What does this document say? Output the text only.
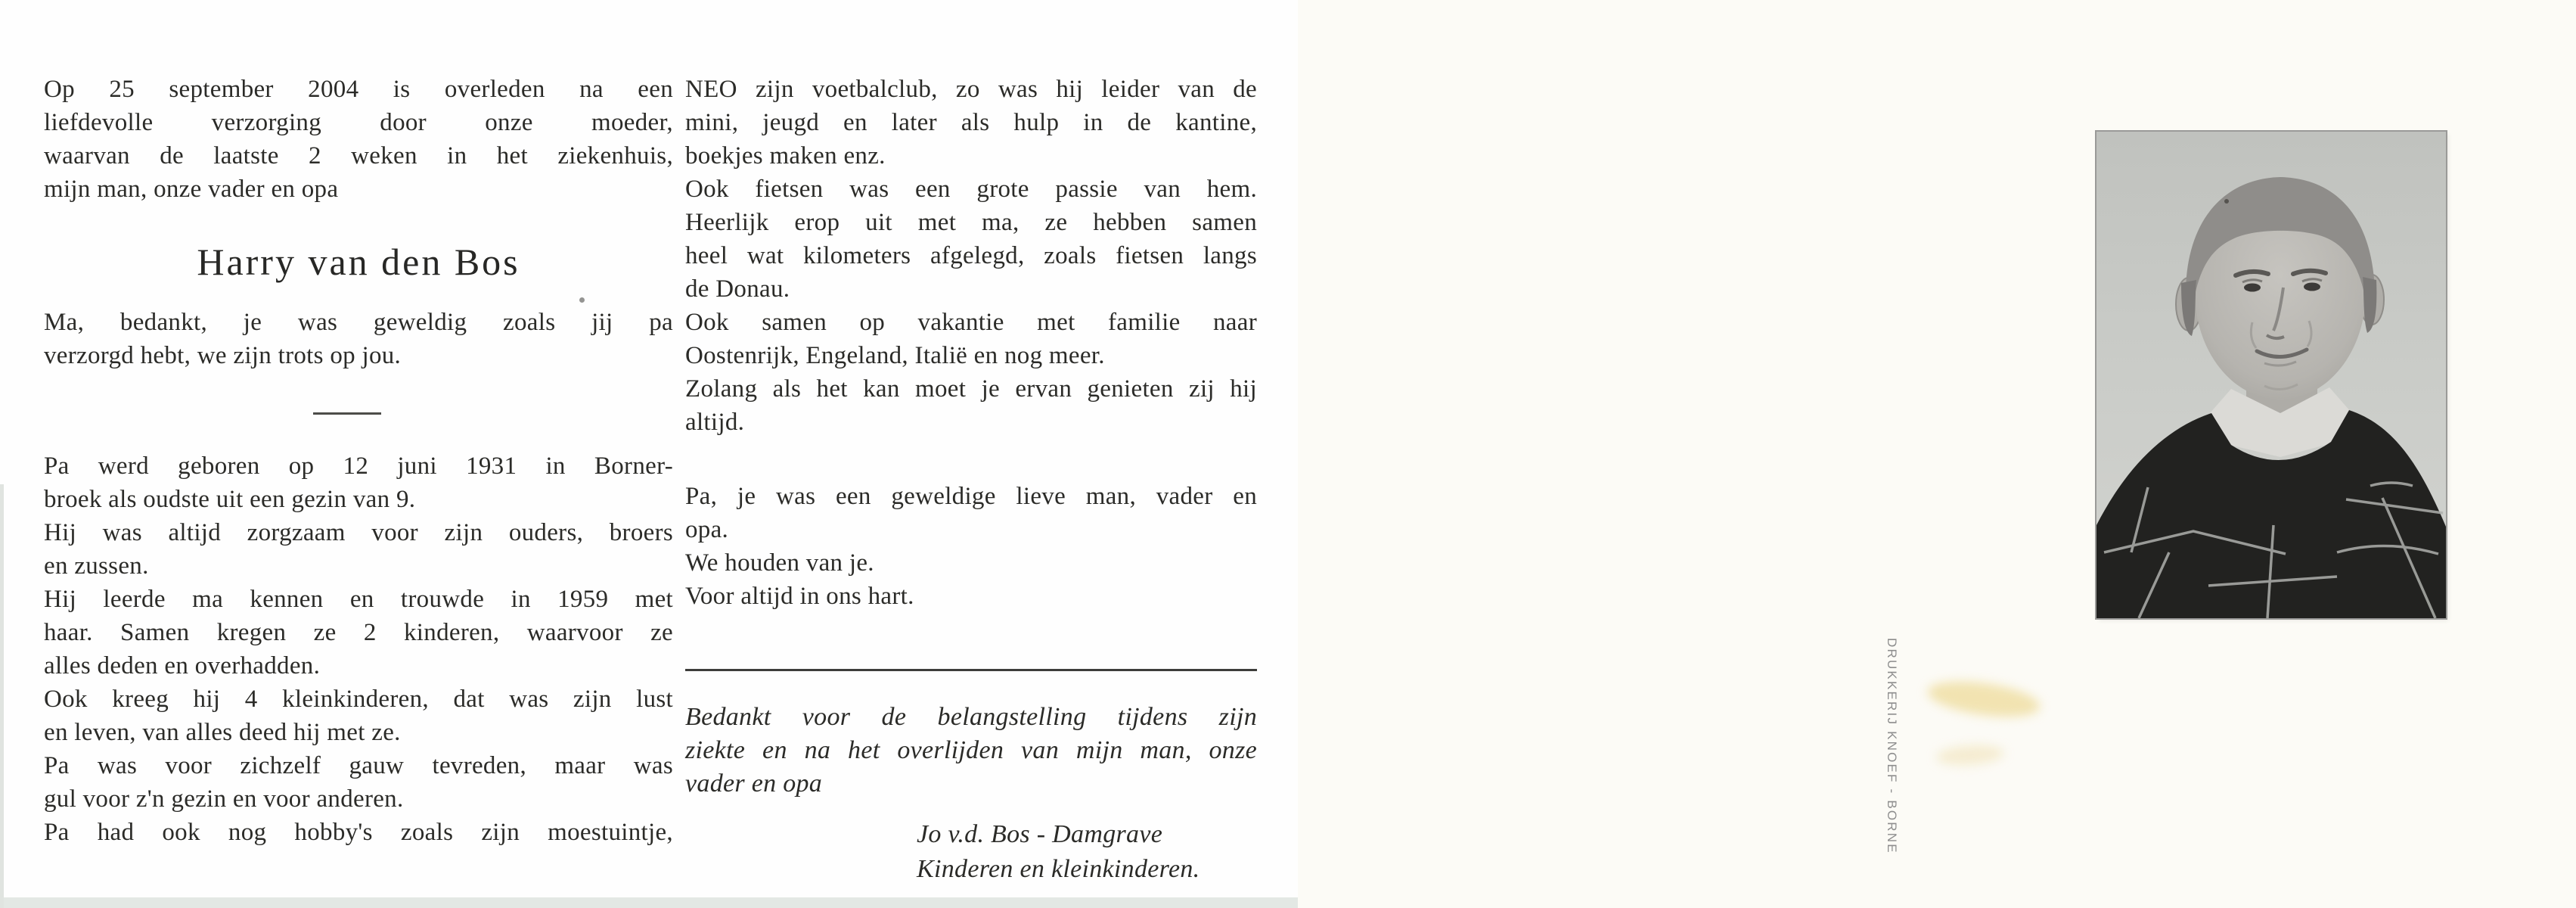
Op 25 september 2004 is overleden na een
liefdevolle verzorging door onze moeder,
waarvan de laatste 2 weken in het ziekenhuis,
mijn man, onze vader en opa
Harry van den Bos
Ma, bedankt, je was geweldig zoals jij pa
verzorgd hebt, we zijn trots op jou.
Pa werd geboren op 12 juni 1931 in Borner-
broek als oudste uit een gezin van 9.
Hij was altijd zorgzaam voor zijn ouders, broers
en zussen.
Hij leerde ma kennen en trouwde in 1959 met
haar. Samen kregen ze 2 kinderen, waarvoor ze
alles deden en overhadden.
Ook kreeg hij 4 kleinkinderen, dat was zijn lust
en leven, van alles deed hij met ze.
Pa was voor zichzelf gauw tevreden, maar was
gul voor z'n gezin en voor anderen.
Pa had ook nog hobby's zoals zijn moestuintje,
NEO zijn voetbalclub, zo was hij leider van de
mini, jeugd en later als hulp in de kantine,
boekjes maken enz.
Ook fietsen was een grote passie van hem.
Heerlijk erop uit met ma, ze hebben samen
heel wat kilometers afgelegd, zoals fietsen langs
de Donau.
Ook samen op vakantie met familie naar
Oostenrijk, Engeland, Italië en nog meer.
Zolang als het kan moet je ervan genieten zij hij
altijd.
Pa, je was een geweldige lieve man, vader en
opa.
We houden van je.
Voor altijd in ons hart.
Bedankt voor de belangstelling tijdens zijn
ziekte en na het overlijden van mijn man, onze
vader en opa
Jo v.d. Bos - Damgrave
Kinderen en kleinkinderen.
DRUKKERIJ KNOEF - BORNE
